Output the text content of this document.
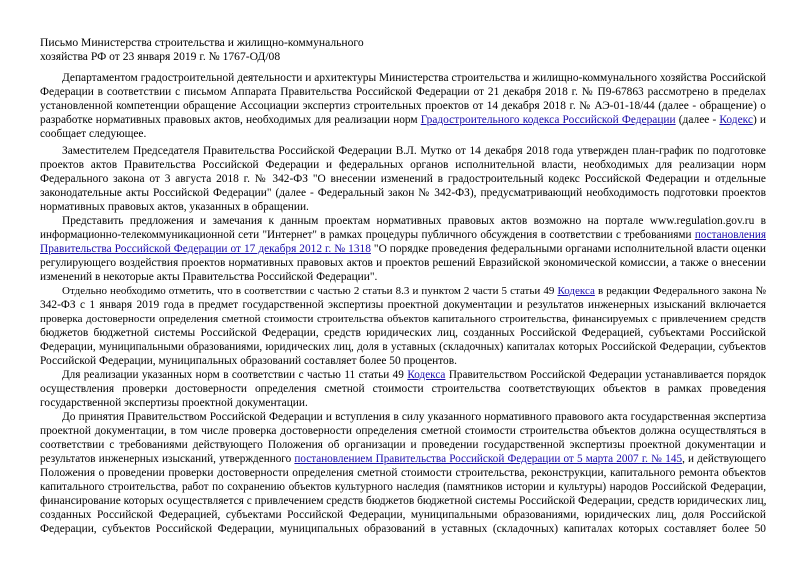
Письмо Министерства строительства и жилищно-коммунального
хозяйства РФ от 23 января 2019 г. № 1767-ОД/08
Департаментом градостроительной деятельности и архитектуры Министерства строительства и жилищно-коммунального хозяйства Российской
Федерации в соответствии с письмом Аппарата Правительства Российской Федерации от 21 декабря 2018 г. № П9-67863 рассмотрено в пределах
установленной компетенции обращение Ассоциации экспертиз строительных проектов от 14 декабря 2018 г. № АЭ-01-18/44 (далее - обращение) о
разработке нормативных правовых актов, необходимых для реализации норм Градостроительного кодекса Российской Федерации (далее - Кодекс) и
сообщает следующее.
Заместителем Председателя Правительства Российской Федерации В.Л. Мутко от 14 декабря 2018 года утвержден план-график по подготовке
проектов актов Правительства Российской Федерации и федеральных органов исполнительной власти, необходимых для реализации норм
Федерального закона от 3 августа 2018 г. № 342-ФЗ "О внесении изменений в градостроительный кодекс Российской Федерации и отдельные
законодательные акты Российской Федерации" (далее - Федеральный закон № 342-ФЗ), предусматривающий необходимость подготовки проектов
нормативных правовых актов, указанных в обращении.
Представить предложения и замечания к данным проектам нормативных правовых актов возможно на портале www.regulation.gov.ru в
информационно-телекоммуникационной сети "Интернет" в рамках процедуры публичного обсуждения в соответствии с требованиями постановления
Правительства Российской Федерации от 17 декабря 2012 г. № 1318 "О порядке проведения федеральными органами исполнительной власти оценки
регулирующего воздействия проектов нормативных правовых актов и проектов решений Евразийской экономической комиссии, а также о внесении
изменений в некоторые акты Правительства Российской Федерации".
Отдельно необходимо отметить, что в соответствии с частью 2 статьи 8.3 и пунктом 2 части 5 статьи 49 Кодекса в редакции Федерального закона №
342-ФЗ с 1 января 2019 года в предмет государственной экспертизы проектной документации и результатов инженерных изысканий включается
проверка достоверности определения сметной стоимости строительства объектов капитального строительства, финансируемых с привлечением средств
бюджетов бюджетной системы Российской Федерации, средств юридических лиц, созданных Российской Федерацией, субъектами Российской
Федерации, муниципальными образованиями, юридических лиц, доля в уставных (складочных) капиталах которых Российской Федерации, субъектов
Российской Федерации, муниципальных образований составляет более 50 процентов.
Для реализации указанных норм в соответствии с частью 11 статьи 49 Кодекса Правительством Российской Федерации устанавливается порядок
осуществления проверки достоверности определения сметной стоимости строительства соответствующих объектов в рамках проведения
государственной экспертизы проектной документации.
До принятия Правительством Российской Федерации и вступления в силу указанного нормативного правового акта государственная экспертиза
проектной документации, в том числе проверка достоверности определения сметной стоимости строительства объектов должна осуществляться в
соответствии с требованиями действующего Положения об организации и проведении государственной экспертизы проектной документации и
результатов инженерных изысканий, утвержденного постановлением Правительства Российской Федерации от 5 марта 2007 г. № 145, и действующего
Положения о проведении проверки достоверности определения сметной стоимости строительства, реконструкции, капитального ремонта объектов
капитального строительства, работ по сохранению объектов культурного наследия (памятников истории и культуры) народов Российской Федерации,
финансирование которых осуществляется с привлечением средств бюджетов бюджетной системы Российской Федерации, средств юридических лиц,
созданных Российской Федерацией, субъектами Российской Федерации, муниципальными образованиями, юридических лиц, доля Российской
Федерации, субъектов Российской Федерации, муниципальных образований в уставных (складочных) капиталах которых составляет более 50
